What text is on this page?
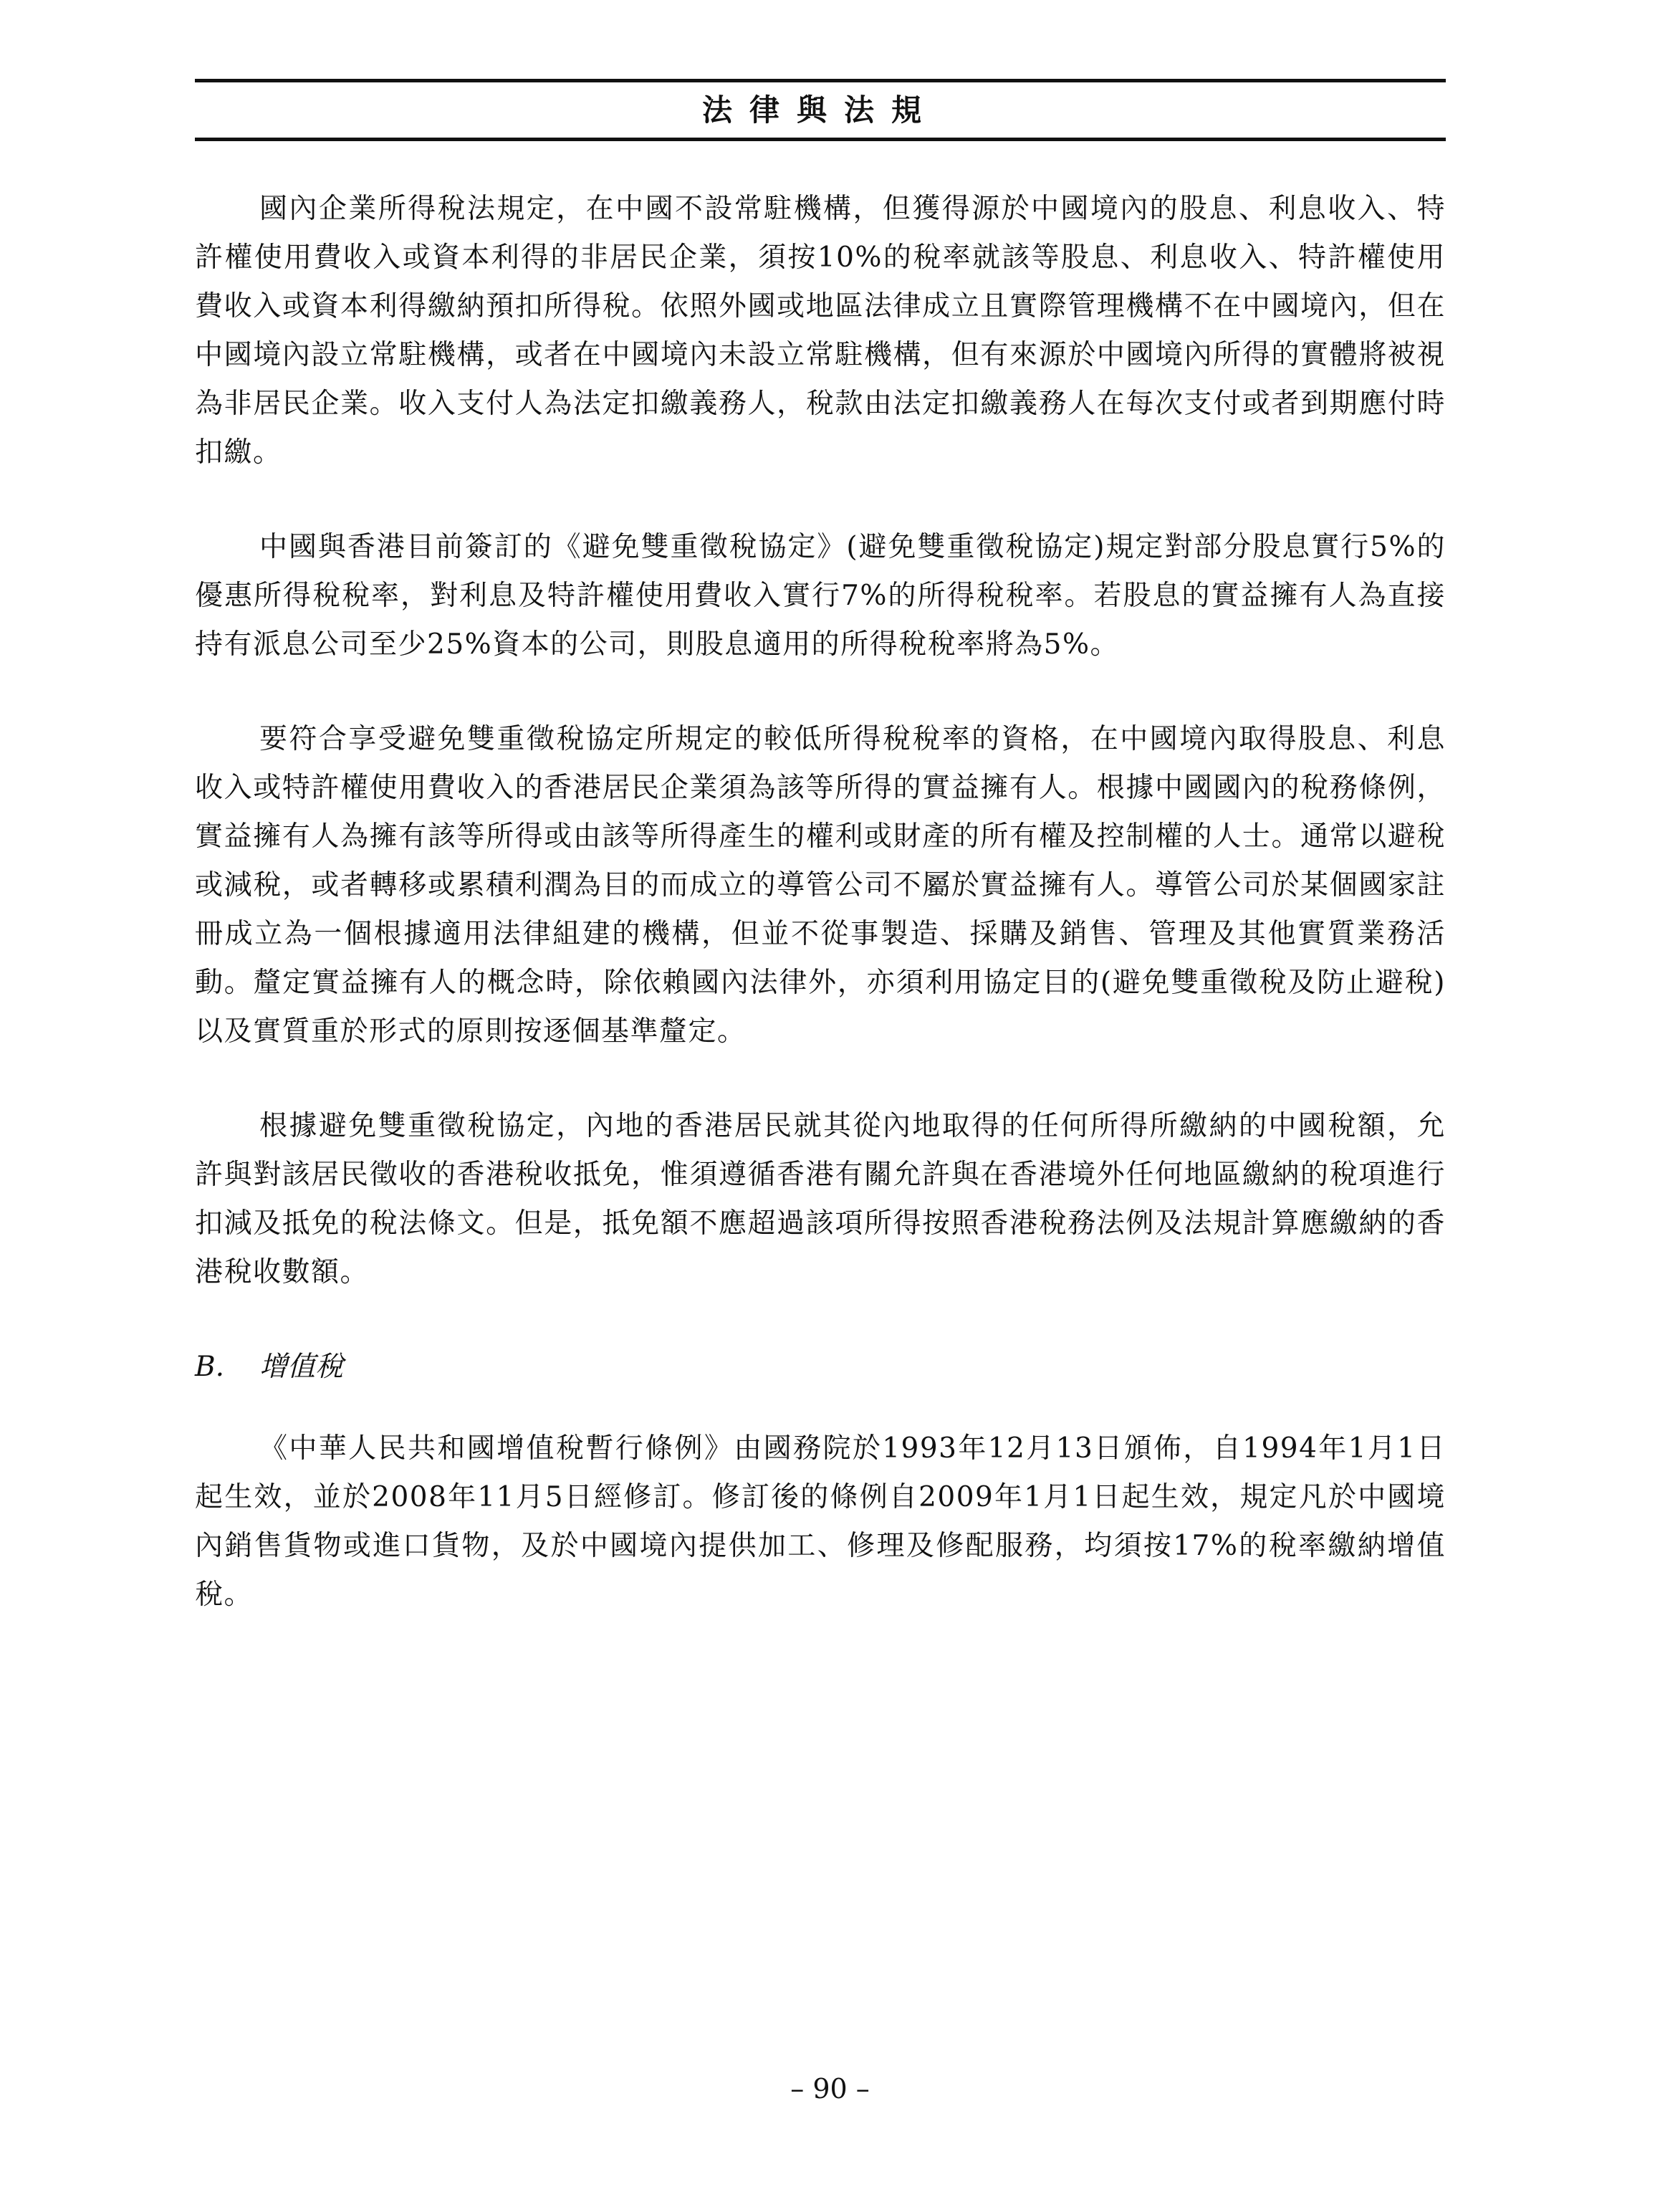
法律與法規

國內企業所得稅法規定，在中國不設常駐機構，但獲得源於中國境內的股息、利息收入、特許權使用費收入或資本利得的非居民企業，須按10%的稅率就該等股息、利息收入、特許權使用費收入或資本利得繳納預扣所得稅。依照外國或地區法律成立且實際管理機構不在中國境內，但在中國境內設立常駐機構，或者在中國境內未設立常駐機構，但有來源於中國境內所得的實體將被視為非居民企業。收入支付人為法定扣繳義務人，稅款由法定扣繳義務人在每次支付或者到期應付時扣繳。

中國與香港目前簽訂的《避免雙重徵稅協定》(避免雙重徵稅協定)規定對部分股息實行5%的優惠所得稅稅率，對利息及特許權使用費收入實行7%的所得稅稅率。若股息的實益擁有人為直接持有派息公司至少25%資本的公司，則股息適用的所得稅稅率將為5%。

要符合享受避免雙重徵稅協定所規定的較低所得稅稅率的資格，在中國境內取得股息、利息收入或特許權使用費收入的香港居民企業須為該等所得的實益擁有人。根據中國國內的稅務條例，實益擁有人為擁有該等所得或由該等所得產生的權利或財產的所有權及控制權的人士。通常以避稅或減稅，或者轉移或累積利潤為目的而成立的導管公司不屬於實益擁有人。導管公司於某個國家註冊成立為一個根據適用法律組建的機構，但並不從事製造、採購及銷售、管理及其他實質業務活動。釐定實益擁有人的概念時，除依賴國內法律外，亦須利用協定目的(避免雙重徵稅及防止避稅)以及實質重於形式的原則按逐個基準釐定。

根據避免雙重徵稅協定，內地的香港居民就其從內地取得的任何所得所繳納的中國稅額，允許與對該居民徵收的香港稅收抵免，惟須遵循香港有關允許與在香港境外任何地區繳納的稅項進行扣減及抵免的稅法條文。但是，抵免額不應超過該項所得按照香港稅務法例及法規計算應繳納的香港稅收數額。

B. 增值稅

《中華人民共和國增值稅暫行條例》由國務院於1993年12月13日頒佈，自1994年1月1日起生效，並於2008年11月5日經修訂。修訂後的條例自2009年1月1日起生效，規定凡於中國境內銷售貨物或進口貨物，及於中國境內提供加工、修理及修配服務，均須按17%的稅率繳納增值稅。

– 90 –
